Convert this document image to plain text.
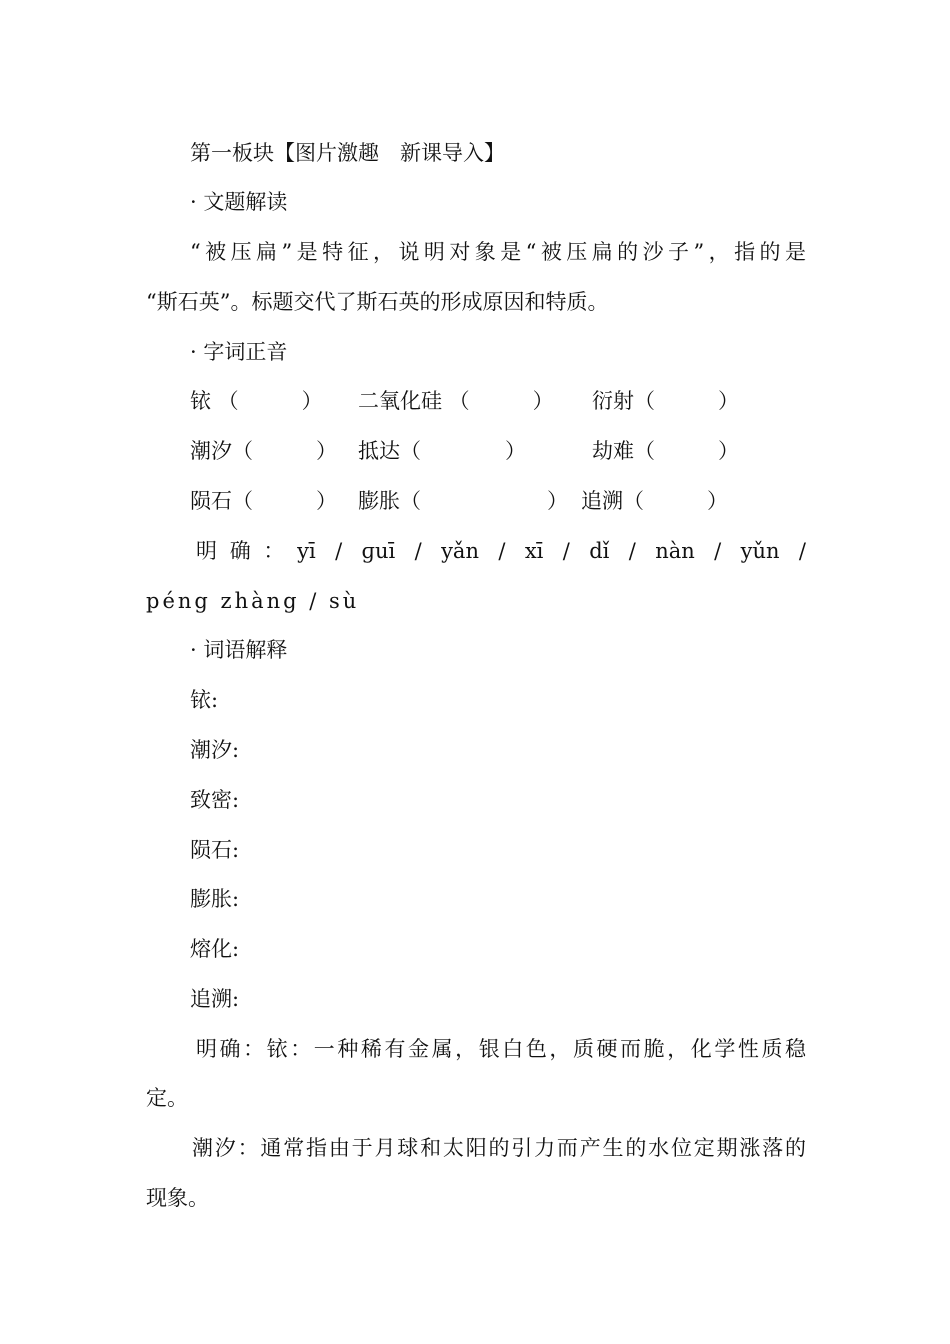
第一板块【图片激趣　新课导入】
· 文题解读
“被压扁”是特征，说明对象是“被压扁的沙子”，指的是
“斯石英”。标题交代了斯石英的形成原因和特质。
· 字词正音
铱 （　　　） 二氧化硅 （　　　） 衍射（　　　）
潮汐（　　　） 抵达（　　　　）	劫难（　　　）
陨石（　　　） 膨胀（　　　　　　） 追溯（　　　）
明确：yī / ɡuī / yǎn / xī / dǐ / nàn / yǔn /
péng zhàng / sù
· 词语解释
铱:
潮汐:
致密:
陨石:
膨胀:
熔化:
追溯:
明确：铱：一种稀有金属，银白色，质硬而脆，化学性质稳
定。
潮汐：通常指由于月球和太阳的引力而产生的水位定期涨落的
现象。
